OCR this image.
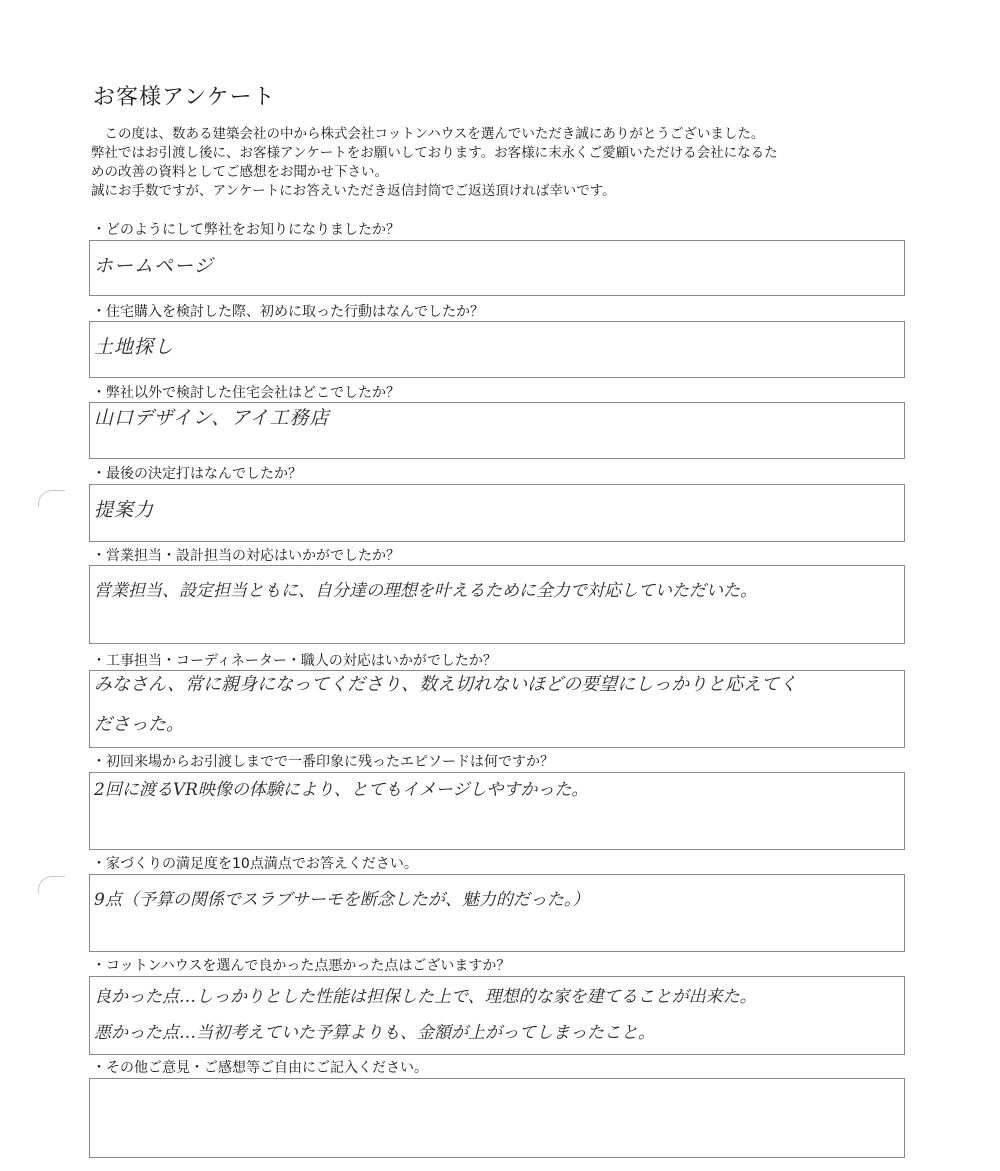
お客様アンケート

この度は、数ある建築会社の中から株式会社コットンハウスを選んでいただき誠にありがとうございました。

弊社ではお引渡し後に、お客様アンケートをお願いしております。お客様に末永くご愛顧いただける会社になるた

めの改善の資料としてご感想をお聞かせ下さい。

誠にお手数ですが、アンケートにお答えいただき返信封筒でご返送頂ければ幸いです。

・どのようにして弊社をお知りになりましたか？
ホームページ
・住宅購入を検討した際、初めに取った行動はなんでしたか？
土地探し
・弊社以外で検討した住宅会社はどこでしたか？
山口デザイン、アイ工務店
・最後の決定打はなんでしたか？
提案力
・営業担当・設計担当の対応はいかがでしたか？
営業担当、設定担当ともに、自分達の理想を叶えるために全力で対応していただいた。
・工事担当・コーディネーター・職人の対応はいかがでしたか？
みなさん、常に親身になってくださり、数え切れないほどの要望にしっかりと応えてく
ださった。
・初回来場からお引渡しまでで一番印象に残ったエピソードは何ですか？
2回に渡るVR映像の体験により、とてもイメージしやすかった。
・家づくりの満足度を10点満点でお答えください。
9点（予算の関係でスラブサーモを断念したが、魅力的だった。）
・コットンハウスを選んで良かった点悪かった点はございますか？
良かった点…しっかりとした性能は担保した上で、理想的な家を建てることが出来た。
悪かった点…当初考えていた予算よりも、金額が上がってしまったこと。
・その他ご意見・ご感想等ご自由にご記入ください。
